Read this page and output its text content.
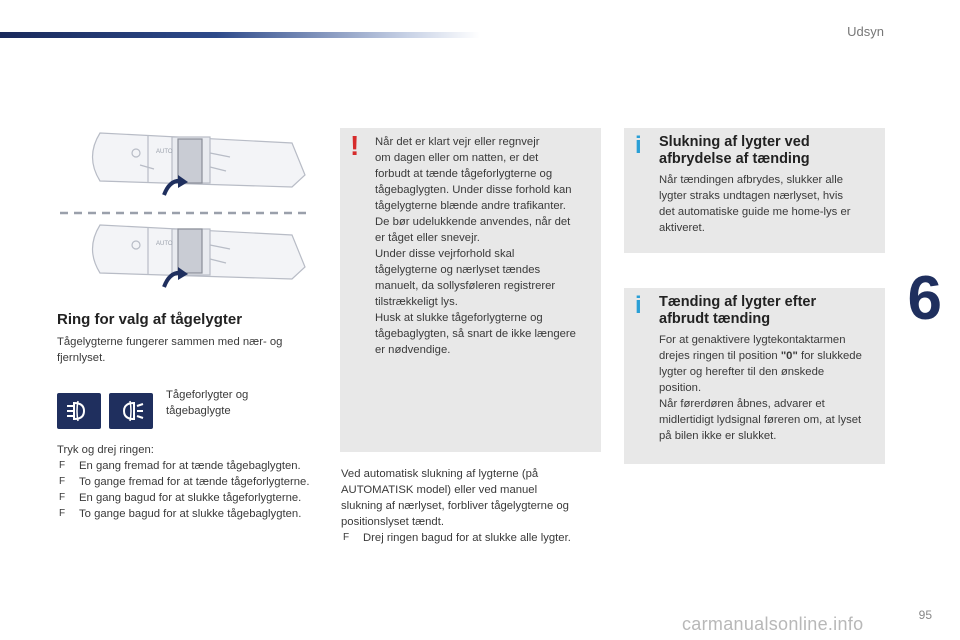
Udsyn
6
95
carmanualsonline.info
AUTO
AUTO
Ring for valg af tågelygter

Tågelygterne fungerer sammen med nær- og fjernlyset.

Tågeforlygter og tågebaglygte

Tryk og drej ringen:

F En gang fremad for at tænde tågebaglygten.
F To gange fremad for at tænde tågeforlygterne.
F En gang bagud for at slukke tågeforlygterne.
F To gange bagud for at slukke tågebaglygten.
! Når det er klart vejr eller regnvejr
om dagen eller om natten, er det
forbudt at tænde tågeforlygterne og
tågebaglygten. Under disse forhold kan
tågelygterne blænde andre trafikanter.
De bør udelukkende anvendes, når det
er tåget eller snevejr.
Under disse vejrforhold skal
tågelygterne og nærlyset tændes
manuelt, da sollysføleren registrerer
tilstrækkeligt lys.
Husk at slukke tågeforlygterne og
tågebaglygten, så snart de ikke længere
er nødvendige.
Ved automatisk slukning af lygterne (på
AUTOMATISK model) eller ved manuel
slukning af nærlyset, forbliver tågelygterne og
positionslyset tændt.
F Drej ringen bagud for at slukke alle lygter.
i Slukning af lygter ved
afbrydelse af tænding
Når tændingen afbrydes, slukker alle
lygter straks undtagen nærlyset, hvis
det automatiske guide me home-lys er
aktiveret.
i Tænding af lygter efter
afbrudt tænding
For at genaktivere lygtekontaktarmen
drejes ringen til position "0" for slukkede
lygter og herefter til den ønskede
position.
Når førerdøren åbnes, advarer et
midlertidigt lydsignal føreren om, at lyset
på bilen ikke er slukket.
